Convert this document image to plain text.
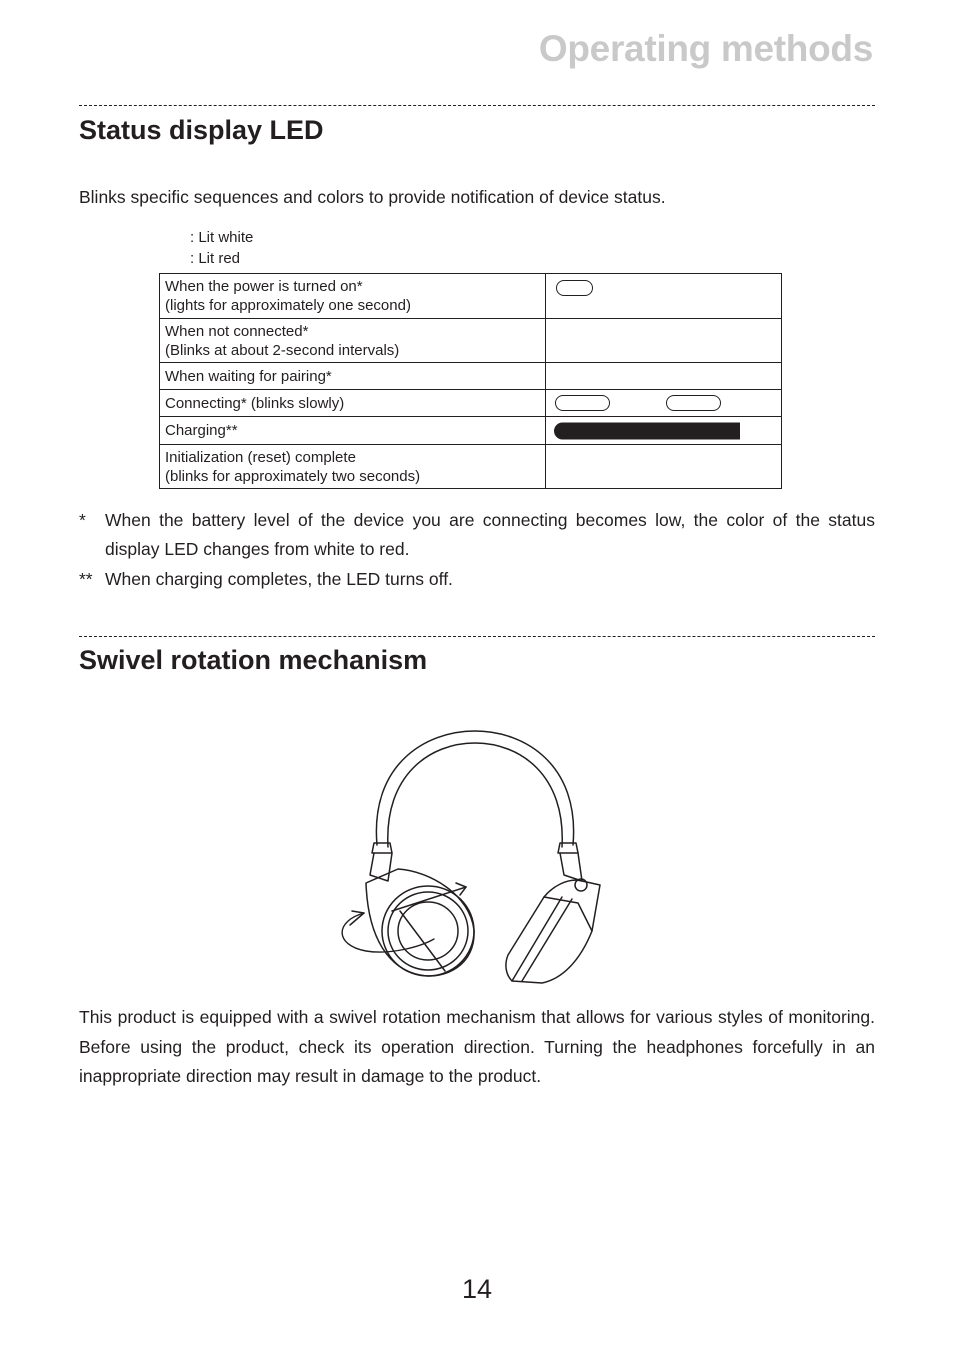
Operating methods
Status display LED
Blinks specific sequences and colors to provide notification of device status.
: Lit white
: Lit red
When the power is turned on*
(lights for approximately one second)	

When not connected*
(Blinks at about 2-second intervals)	

When waiting for pairing*	

Connecting* (blinks slowly)	

Charging**	

Initialization (reset) complete
(blinks for approximately two seconds)	

* When the battery level of the device you are connecting becomes low, the color of the status display LED changes from white to red.
** When charging completes, the LED turns off.
Swivel rotation mechanism
This product is equipped with a swivel rotation mechanism that allows for various styles of monitoring. Before using the product, check its operation direction. Turning the headphones forcefully in an inappropriate direction may result in damage to the product.
14
